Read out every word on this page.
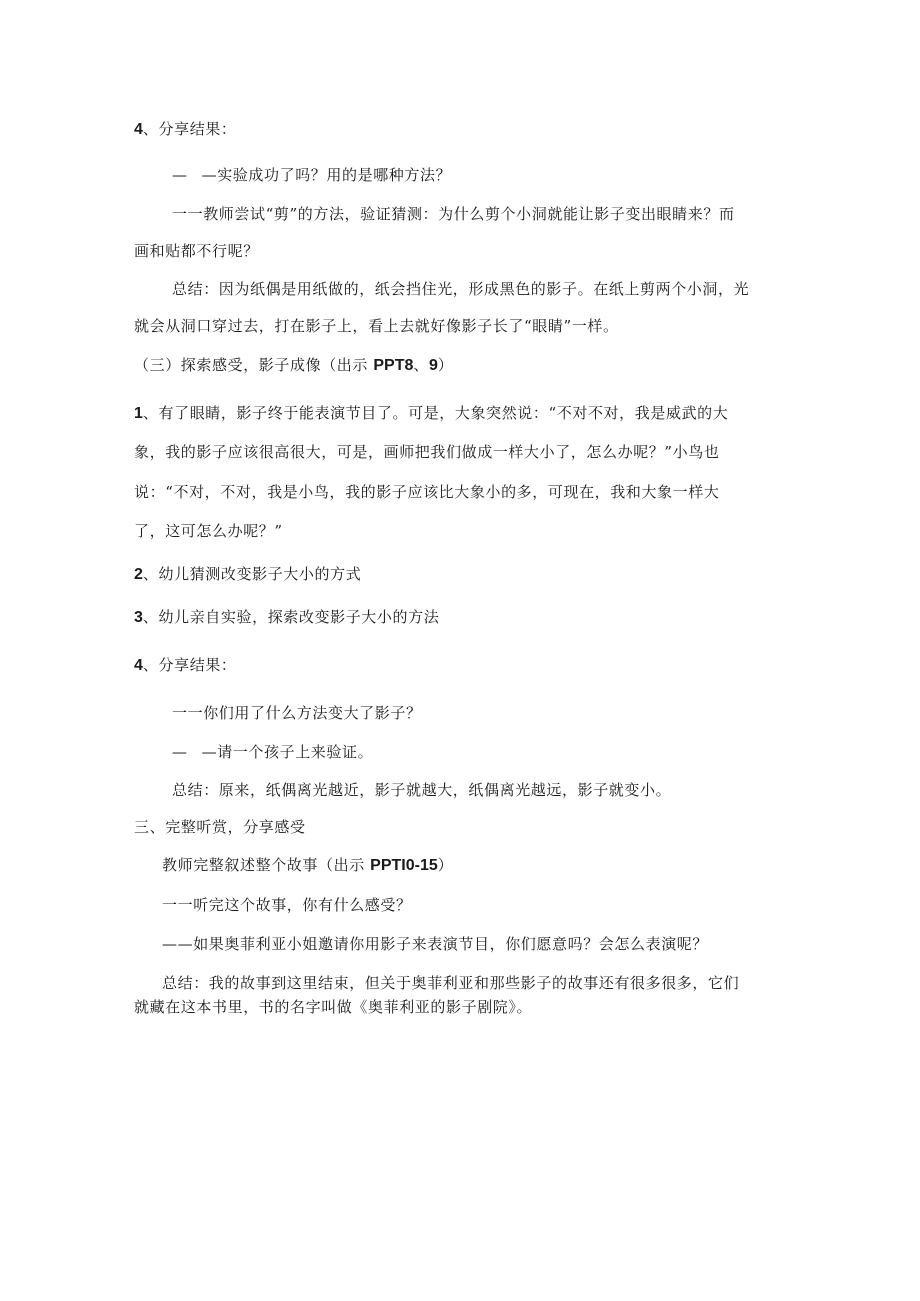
4、分享结果：
— —实验成功了吗？用的是哪种方法？
一一教师尝试“剪”的方法，验证猜测：为什么剪个小洞就能让影子变出眼睛来？而
画和贴都不行呢？
总结：因为纸偶是用纸做的，纸会挡住光，形成黑色的影子。在纸上剪两个小洞，光
就会从洞口穿过去，打在影子上，看上去就好像影子长了“眼睛”一样。
（三）探索感受，影子成像（出示 PPT8、9）
1、有了眼睛，影子终于能表演节目了。可是，大象突然说：“不对不对，我是威武的大
象，我的影子应该很高很大，可是，画师把我们做成一样大小了，怎么办呢？”小鸟也
说：“不对，不对，我是小鸟，我的影子应该比大象小的多，可现在，我和大象一样大
了，这可怎么办呢？”
2、幼儿猜测改变影子大小的方式
3、幼儿亲自实验，探索改变影子大小的方法
4、分享结果：
一一你们用了什么方法变大了影子？
— —请一个孩子上来验证。
总结：原来，纸偶离光越近，影子就越大，纸偶离光越远，影子就变小。
三、完整听赏，分享感受
教师完整叙述整个故事（出示 PPTI0-15）
一一听完这个故事，你有什么感受？
——如果奥菲利亚小姐邀请你用影子来表演节目，你们愿意吗？会怎么表演呢？
总结：我的故事到这里结束，但关于奥菲利亚和那些影子的故事还有很多很多，它们
就藏在这本书里，书的名字叫做《奥菲利亚的影子剧院》。
